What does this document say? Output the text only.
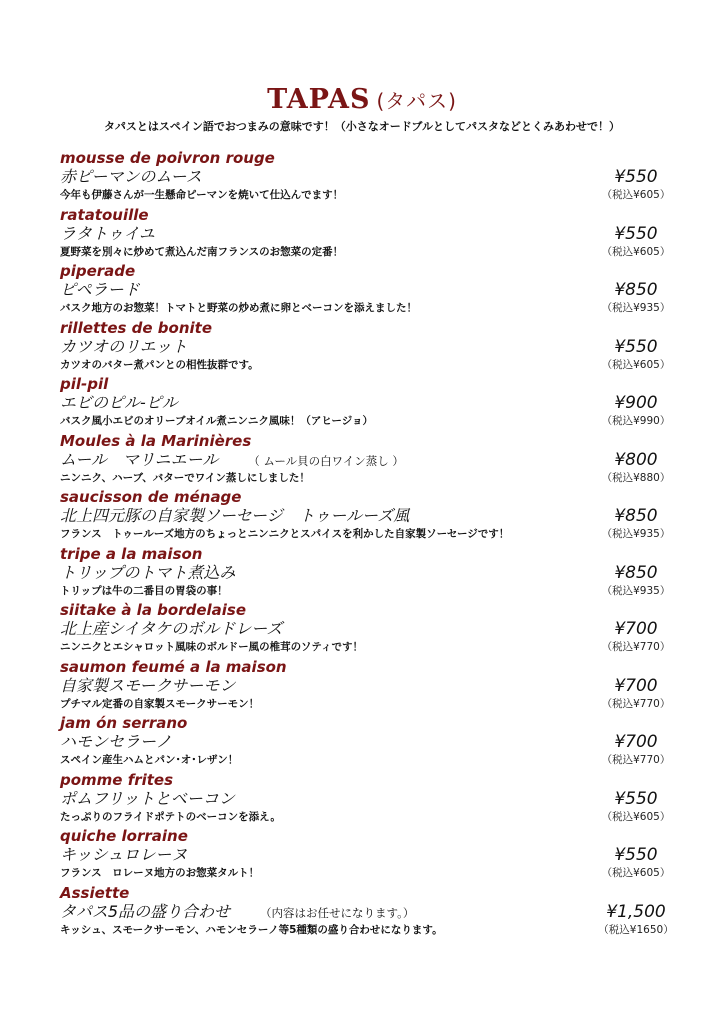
TAPAS (タパス)
タパスとはスペイン語でおつまみの意味です！（小さなオードブルとしてパスタなどとくみあわせで！）
mousse de poivron rouge
赤ピーマンのムース
今年も伊藤さんが一生懸命ピーマンを焼いて仕込んでます！
¥550
（税込¥605）
ratatouille
ラタトゥイユ
夏野菜を別々に炒めて煮込んだ南フランスのお惣菜の定番！
¥550
（税込¥605）
piperade
ピペラード
バスク地方のお惣菜！トマトと野菜の炒め煮に卵とベーコンを添えました！
¥850
（税込¥935）
rillettes de bonite
カツオのリエット
カツオのバター煮パンとの相性抜群です。
¥550
（税込¥605）
pil-pil
エビのピル-ピル
バスク風小エビのオリーブオイル煮ニンニク風味！（アヒージョ）
¥900
（税込¥990）
Moules à la Marinières
ムール　マリニエール	（ ムール貝の白ワイン蒸し ）
ニンニク、ハーブ、バターでワイン蒸しにしました！
¥800
（税込¥880）
saucisson de ménage
北上四元豚の自家製ソーセージ　トゥールーズ風
フランス　トゥールーズ地方のちょっとニンニクとスパイスを利かした自家製ソーセージです！
¥850
（税込¥935）
tripe a la maison
トリップのトマト煮込み
トリップは牛の二番目の胃袋の事！
¥850
（税込¥935）
siitake à la bordelaise
北上産シイタケのボルドレーズ
ニンニクとエシャロット風味のボルドー風の椎茸のソティです！
¥700
（税込¥770）
saumon feumé a la maison
自家製スモークサーモン
プチマル定番の自家製スモークサーモン！
¥700
（税込¥770）
jam ón serrano
ハモンセラーノ
スペイン産生ハムとパン･オ･レザン！
¥700
（税込¥770）
pomme frites
ポムフリットとベーコン
たっぷりのフライドポテトのベーコンを添え。
¥550
（税込¥605）
quiche lorraine
キッシュロレーヌ
フランス　ロレーヌ地方のお惣菜タルト！
¥550
（税込¥605）
Assiette
タパス5品の盛り合わせ	（内容はお任せになります。）
キッシュ、スモークサーモン、ハモンセラーノ等5種類の盛り合わせになります。
¥1,500
（税込¥1650）
